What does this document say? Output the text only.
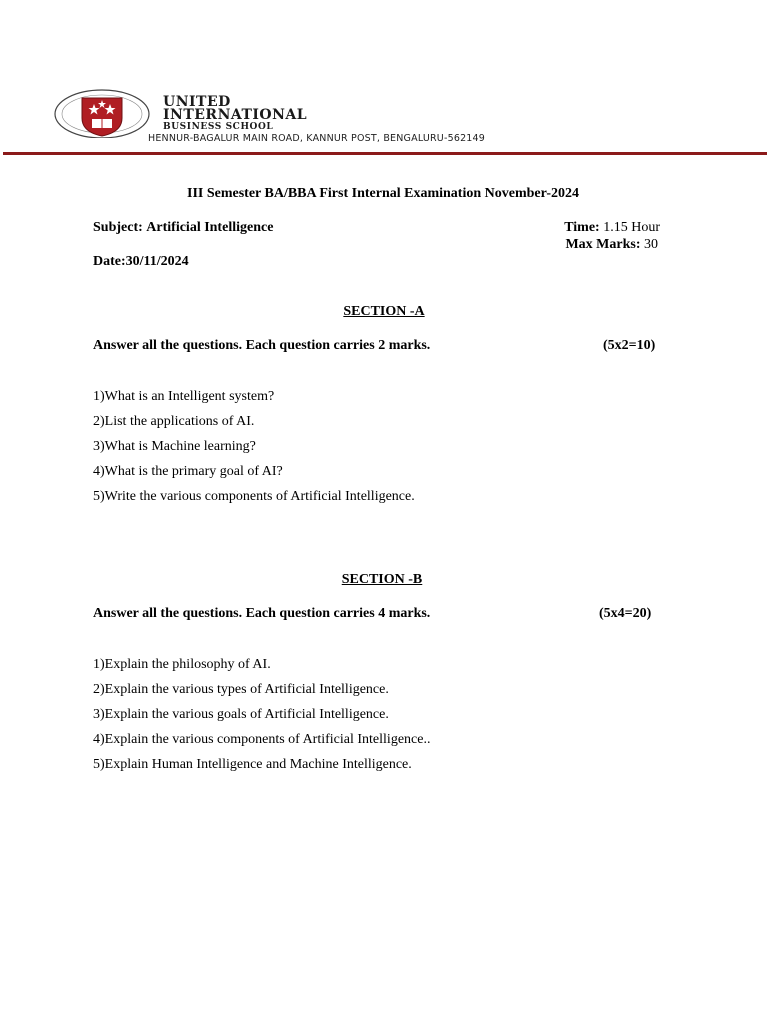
UNITED
INTERNATIONAL
BUSINESS SCHOOL
HENNUR-BAGALUR MAIN ROAD, KANNUR POST, BENGALURU-562149
III Semester BA/BBA First Internal Examination November-2024
Subject: Artificial Intelligence	Time: 1.15 Hour
Max Marks: 30
Date:30/11/2024
SECTION -A
Answer all the questions. Each question carries 2 marks.	(5x2=10)
1)What is an Intelligent system?
2)List the applications of AI.
3)What is Machine learning?
4)What is the primary goal of AI?
5)Write the various components of Artificial Intelligence.
SECTION -B
Answer all the questions. Each question carries 4 marks.	(5x4=20)
1)Explain the philosophy of AI.
2)Explain the various types of Artificial Intelligence.
3)Explain the various goals of Artificial Intelligence.
4)Explain the various components of Artificial Intelligence..
5)Explain Human Intelligence and Machine Intelligence.
